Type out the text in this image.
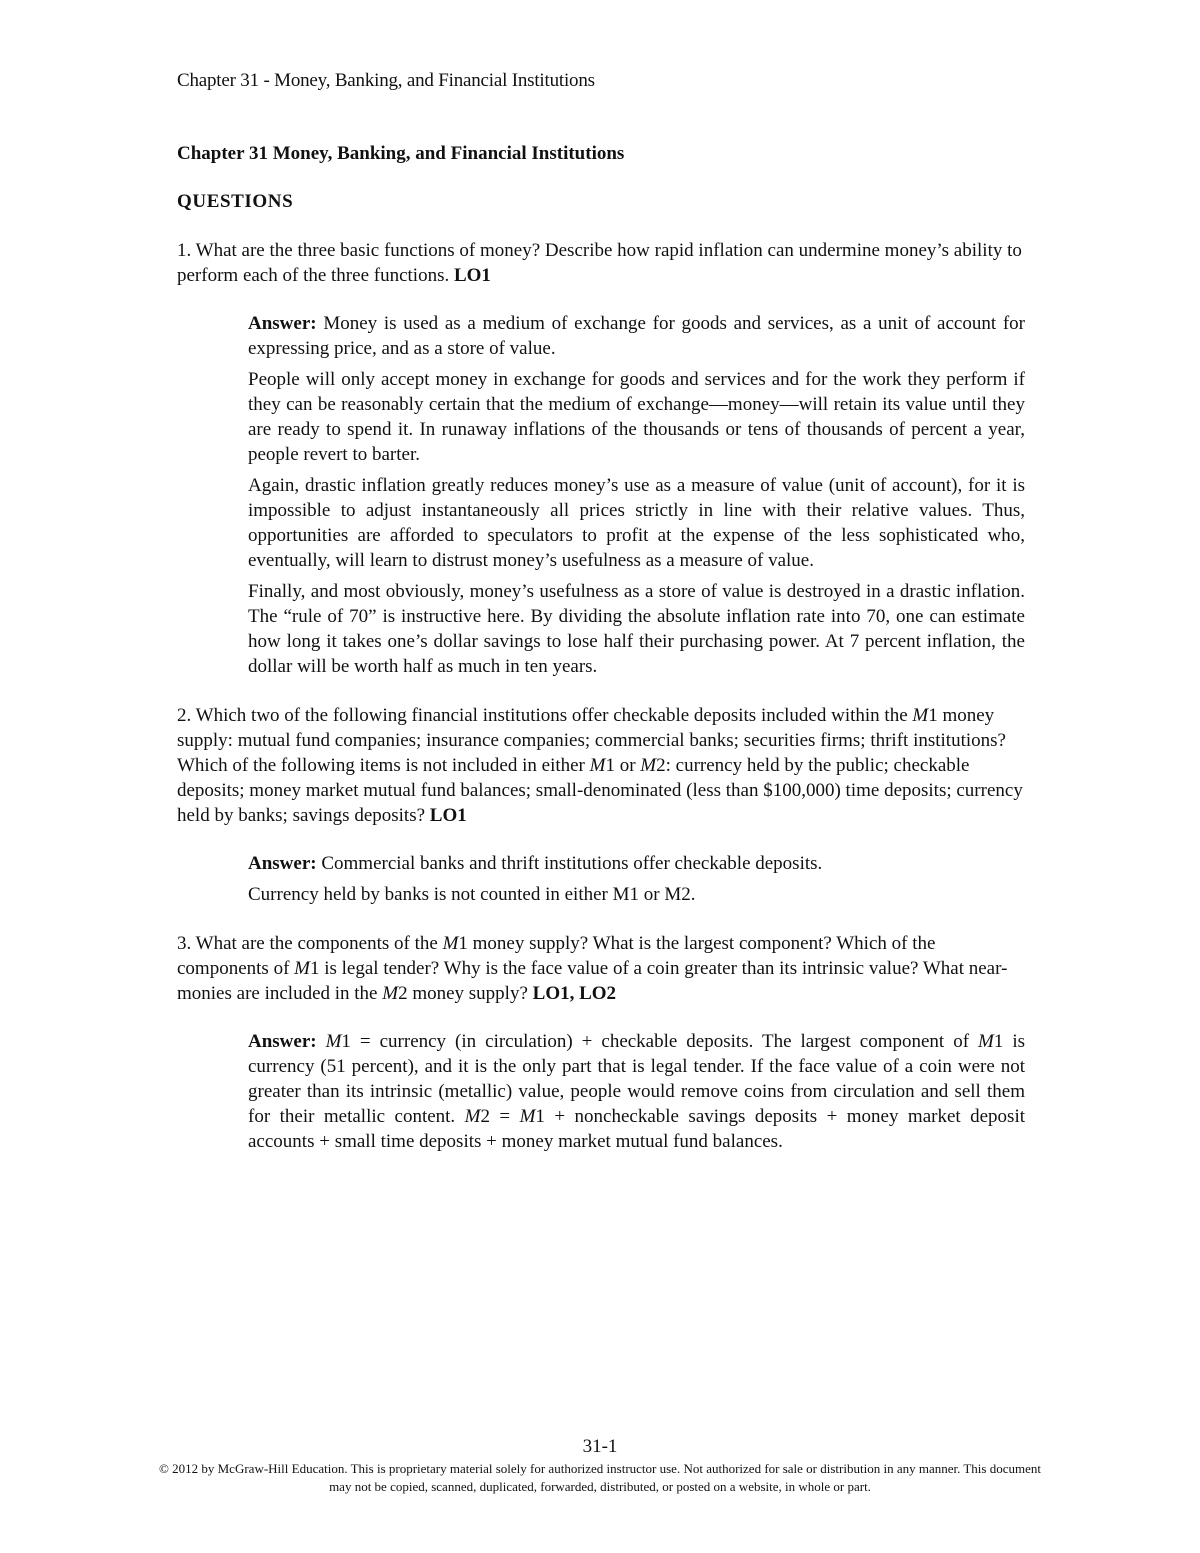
Chapter 31 - Money, Banking, and Financial Institutions
Chapter 31 Money, Banking, and Financial Institutions
QUESTIONS

1. What are the three basic functions of money? Describe how rapid inflation can undermine money’s ability to perform each of the three functions. LO1

Answer: Money is used as a medium of exchange for goods and services, as a unit of account for expressing price, and as a store of value.

People will only accept money in exchange for goods and services and for the work they perform if they can be reasonably certain that the medium of exchange—money—will retain its value until they are ready to spend it. In runaway inflations of the thousands or tens of thousands of percent a year, people revert to barter.

Again, drastic inflation greatly reduces money’s use as a measure of value (unit of account), for it is impossible to adjust instantaneously all prices strictly in line with their relative values. Thus, opportunities are afforded to speculators to profit at the expense of the less sophisticated who, eventually, will learn to distrust money’s usefulness as a measure of value.

Finally, and most obviously, money’s usefulness as a store of value is destroyed in a drastic inflation. The “rule of 70” is instructive here. By dividing the absolute inflation rate into 70, one can estimate how long it takes one’s dollar savings to lose half their purchasing power. At 7 percent inflation, the dollar will be worth half as much in ten years.

2. Which two of the following financial institutions offer checkable deposits included within the M1 money supply: mutual fund companies; insurance companies; commercial banks; securities firms; thrift institutions? Which of the following items is not included in either M1 or M2: currency held by the public; checkable deposits; money market mutual fund balances; small-denominated (less than $100,000) time deposits; currency held by banks; savings deposits? LO1

Answer: Commercial banks and thrift institutions offer checkable deposits.

Currency held by banks is not counted in either M1 or M2.

3. What are the components of the M1 money supply? What is the largest component? Which of the components of M1 is legal tender? Why is the face value of a coin greater than its intrinsic value? What near-monies are included in the M2 money supply? LO1, LO2

Answer: M1 = currency (in circulation) + checkable deposits. The largest component of M1 is currency (51 percent), and it is the only part that is legal tender. If the face value of a coin were not greater than its intrinsic (metallic) value, people would remove coins from circulation and sell them for their metallic content. M2 = M1 + noncheckable savings deposits + money market deposit accounts + small time deposits + money market mutual fund balances.

31-1
© 2012 by McGraw-Hill Education. This is proprietary material solely for authorized instructor use. Not authorized for sale or distribution in any manner. This document may not be copied, scanned, duplicated, forwarded, distributed, or posted on a website, in whole or part.
